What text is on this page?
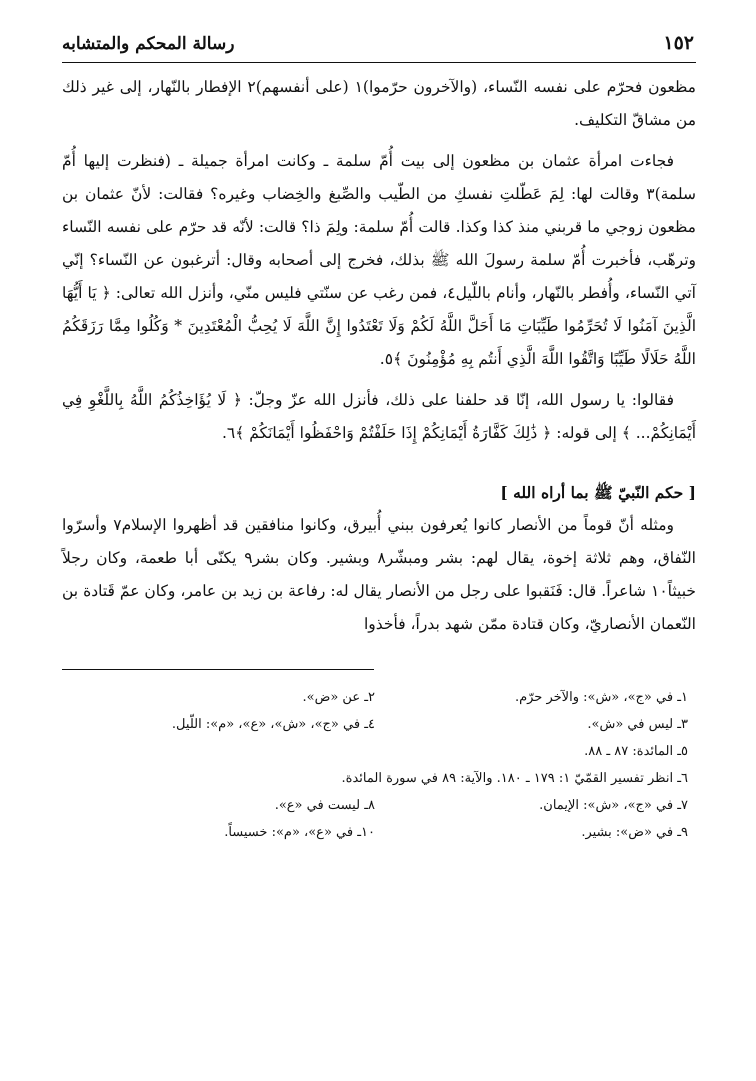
١٥٢
رسالة المحكم والمتشابه

مظعون فحرّم على نفسه النّساء، (والآخرون حرّموا)١ (على أنفسهم)٢ الإفطار بالنّهار، إلى غير ذلك من مشاقّ التكليف.

فجاءت امرأة عثمان بن مظعون إلى بيت أُمّ سلمة ـ وكانت امرأة جميلة ـ (فنظرت إليها أُمّ سلمة)٣ وقالت لها: لِمَ عَطّلتِ نفسكِ من الطّيب والصِّبغ والخِضاب وغيره؟ فقالت: لأنّ عثمان بن مظعون زوجي ما قربني منذ كذا وكذا. قالت أُمّ سلمة: ولِمَ ذا؟ قالت: لأنّه قد حرّم على نفسه النّساء وترهّب، فأخبرت أُمّ سلمة رسولَ الله ﷺ بذلك، فخرج إلى أصحابه وقال: أترغبون عن النّساء؟ إنّي آتي النّساء، وأُفطر بالنّهار، وأنام باللّيل٤، فمن رغب عن سنّتي فليس منّي، وأنزل الله تعالى: ﴿ يَا أَيُّهَا الَّذِينَ آمَنُوا لَا تُحَرِّمُوا طَيِّبَاتِ مَا أَحَلَّ اللَّهُ لَكُمْ وَلَا تَعْتَدُوا إِنَّ اللَّهَ لَا يُحِبُّ الْمُعْتَدِينَ * وَكُلُوا مِمَّا رَزَقَكُمُ اللَّهُ حَلَالًا طَيِّبًا وَاتَّقُوا اللَّهَ الَّذِي أَنتُم بِهِ مُؤْمِنُونَ ﴾٥.

فقالوا: يا رسول الله، إنّا قد حلفنا على ذلك، فأنزل الله عزّ وجلّ: ﴿ لَا يُؤَاخِذُكُمُ اللَّهُ بِاللَّغْوِ فِي أَيْمَانِكُمْ... ﴾ إلى قوله: ﴿ ذَٰلِكَ كَفَّارَةُ أَيْمَانِكُمْ إِذَا حَلَفْتُمْ وَاحْفَظُوا أَيْمَانَكُمْ ﴾٦.

[ حكم النّبيّ ﷺ بما أراه الله ]

ومثله أنّ قوماً من الأنصار كانوا يُعرفون ببني أُبيرق، وكانوا منافقين قد أظهروا الإسلام٧ وأسرّوا النّفاق، وهم ثلاثة إخوة، يقال لهم: بشر ومبشّر٨ وبشير. وكان بشر٩ يكنّى أبا طعمة، وكان رجلاً خبيثاً١٠ شاعراً. قال: فَنَقبوا على رجل من الأنصار يقال له: رفاعة بن زيد بن عامر، وكان عمّ قَتادة بن النّعمان الأنصاريّ، وكان قتادة ممّن شهد بدراً، فأخذوا

١ـ في «ج»، «ش»: والآخر حرّم.
٢ـ عن «ض».
٣ـ ليس في «ش».
٤ـ في «ج»، «ش»، «ع»، «م»: اللّيل.
٥ـ المائدة: ٨٧ ـ ٨٨.
٦ـ انظر تفسير القمّيّ ١: ١٧٩ ـ ١٨٠. والآية: ٨٩ في سورة المائدة.
٧ـ في «ج»، «ش»: الإيمان.
٨ـ ليست في «ع».
٩ـ في «ض»: بشير.
١٠ـ في «ع»، «م»: خسيساً.
